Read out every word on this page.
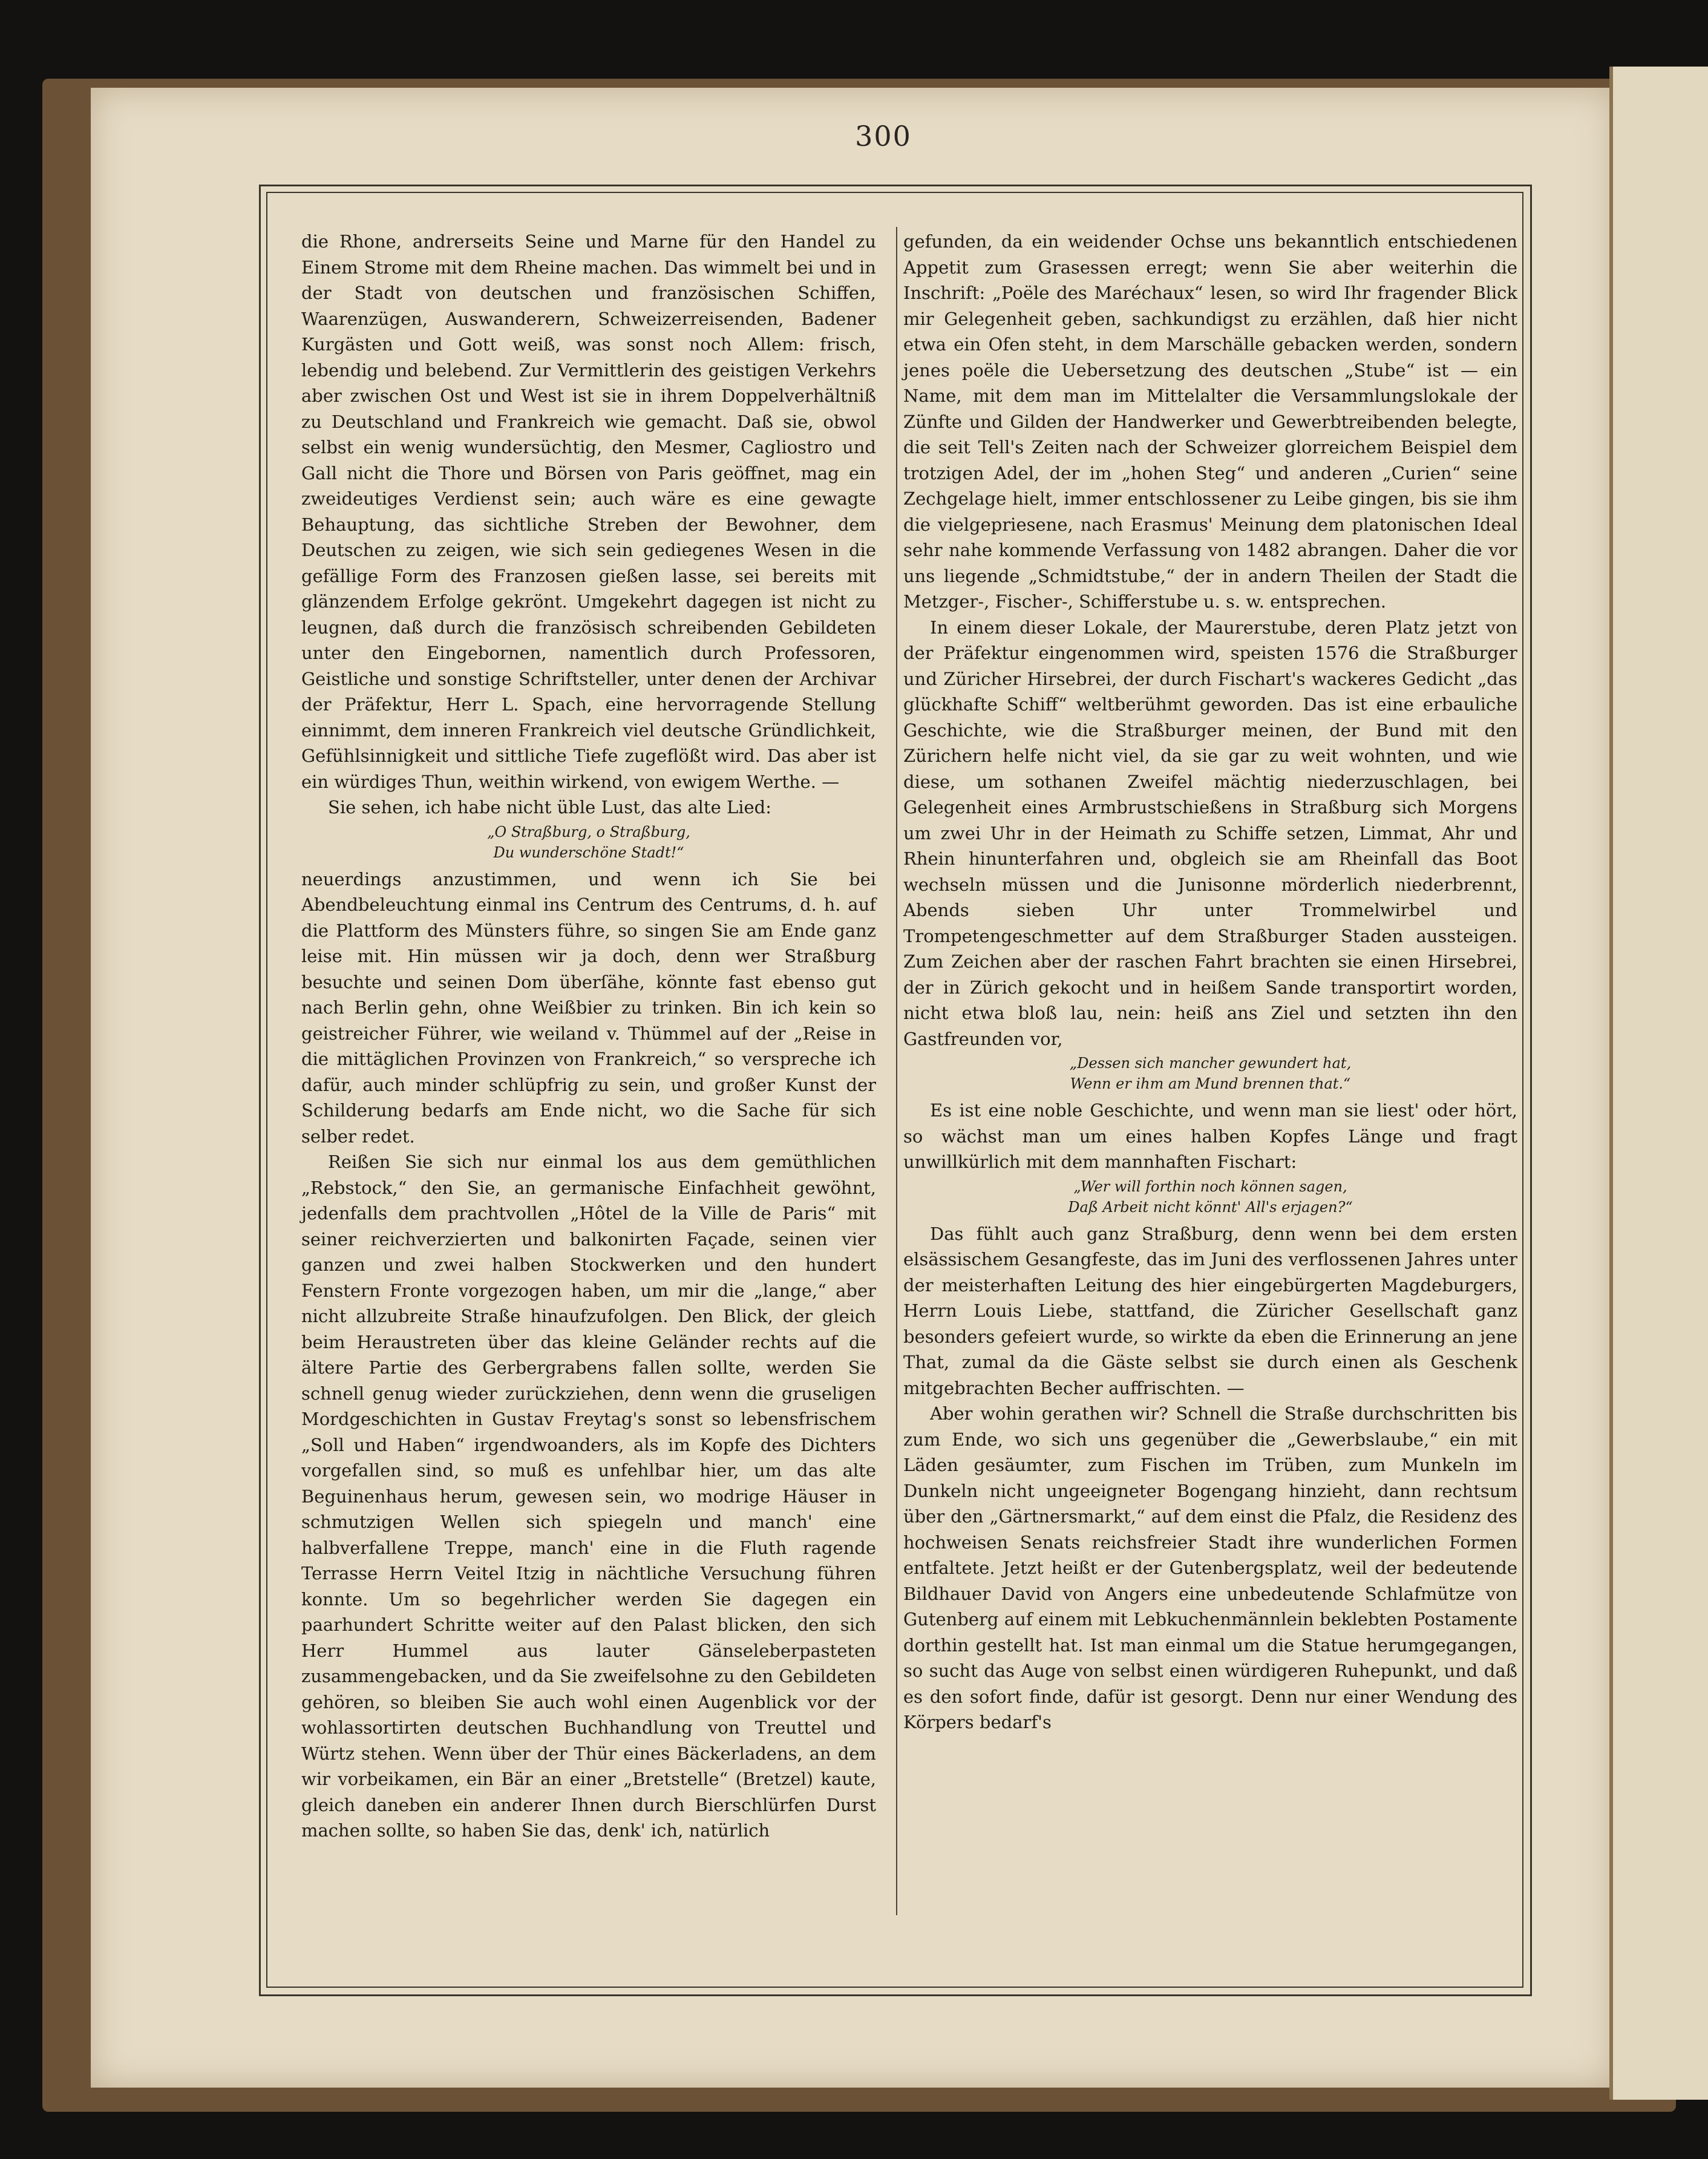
300

die Rhone, andrerseits Seine und Marne für den Handel zu Einem Strome mit dem Rheine machen. Das wimmelt bei und in der Stadt von deutschen und französischen Schiffen, Waarenzügen, Auswanderern, Schweizerreisenden, Badener Kurgästen und Gott weiß, was sonst noch Allem: frisch, lebendig und belebend. Zur Vermittlerin des geistigen Verkehrs aber zwischen Ost und West ist sie in ihrem Doppelverhältniß zu Deutschland und Frankreich wie gemacht. Daß sie, obwol selbst ein wenig wundersüchtig, den Mesmer, Cagliostro und Gall nicht die Thore und Börsen von Paris geöffnet, mag ein zweideutiges Verdienst sein; auch wäre es eine gewagte Behauptung, das sichtliche Streben der Bewohner, dem Deutschen zu zeigen, wie sich sein gediegenes Wesen in die gefällige Form des Franzosen gießen lasse, sei bereits mit glänzendem Erfolge gekrönt. Umgekehrt dagegen ist nicht zu leugnen, daß durch die französisch schreibenden Gebildeten unter den Eingebornen, namentlich durch Professoren, Geistliche und sonstige Schriftsteller, unter denen der Archivar der Präfektur, Herr L. Spach, eine hervorragende Stellung einnimmt, dem inneren Frankreich viel deutsche Gründlichkeit, Gefühlsinnigkeit und sittliche Tiefe zugeflößt wird. Das aber ist ein würdiges Thun, weithin wirkend, von ewigem Werthe. —

Sie sehen, ich habe nicht üble Lust, das alte Lied:

„O Straßburg, o Straßburg,
Du wunderschöne Stadt!“

neuerdings anzustimmen, und wenn ich Sie bei Abendbeleuchtung einmal ins Centrum des Centrums, d. h. auf die Plattform des Münsters führe, so singen Sie am Ende ganz leise mit. Hin müssen wir ja doch, denn wer Straßburg besuchte und seinen Dom überſähe, könnte fast ebenso gut nach Berlin gehn, ohne Weißbier zu trinken. Bin ich kein so geistreicher Führer, wie weiland v. Thümmel auf der „Reise in die mittäglichen Provinzen von Frankreich,“ so verspreche ich dafür, auch minder schlüpfrig zu sein, und großer Kunst der Schilderung bedarfs am Ende nicht, wo die Sache für sich selber redet.

Reißen Sie sich nur einmal los aus dem gemüthlichen „Rebstock,“ den Sie, an germanische Einfachheit gewöhnt, jedenfalls dem prachtvollen „Hôtel de la Ville de Paris“ mit seiner reichverzierten und balkonirten Façade, seinen vier ganzen und zwei halben Stockwerken und den hundert Fenstern Fronte vorgezogen haben, um mir die „lange,“ aber nicht allzubreite Straße hinaufzufolgen. Den Blick, der gleich beim Heraustreten über das kleine Geländer rechts auf die ältere Partie des Gerbergrabens fallen sollte, werden Sie schnell genug wieder zurückziehen, denn wenn die gruseligen Mordgeschichten in Gustav Freytag's sonst so lebensfrischem „Soll und Haben“ irgendwoanders, als im Kopfe des Dichters vorgefallen sind, so muß es unfehlbar hier, um das alte Beguinenhaus herum, gewesen sein, wo modrige Häuser in schmutzigen Wellen sich spiegeln und manch' eine halbverfallene Treppe, manch' eine in die Fluth ragende Terrasse Herrn Veitel Itzig in nächtliche Versuchung führen konnte. Um so begehrlicher werden Sie dagegen ein paarhundert Schritte weiter auf den Palast blicken, den sich Herr Hummel aus lauter Gänseleberpasteten zusammengebacken, und da Sie zweifelsohne zu den Gebildeten gehören, so bleiben Sie auch wohl einen Augenblick vor der wohlassortirten deutschen Buchhandlung von Treuttel und Würtz stehen. Wenn über der Thür eines Bäckerladens, an dem wir vorbeikamen, ein Bär an einer „Bretstelle“ (Bretzel) kaute, gleich daneben ein anderer Ihnen durch Bierschlürfen Durst machen sollte, so haben Sie das, denk' ich, natürlich

gefunden, da ein weidender Ochse uns bekanntlich entschiedenen Appetit zum Grasessen erregt; wenn Sie aber weiterhin die Inschrift: „Poële des Maréchaux“ lesen, so wird Ihr fragender Blick mir Gelegenheit geben, sachkundigst zu erzählen, daß hier nicht etwa ein Ofen steht, in dem Marschälle gebacken werden, sondern jenes poële die Uebersetzung des deutschen „Stube“ ist — ein Name, mit dem man im Mittelalter die Versammlungslokale der Zünfte und Gilden der Handwerker und Gewerbtreibenden belegte, die seit Tell's Zeiten nach der Schweizer glorreichem Beispiel dem trotzigen Adel, der im „hohen Steg“ und anderen „Curien“ seine Zechgelage hielt, immer entschlossener zu Leibe gingen, bis sie ihm die vielgepriesene, nach Erasmus' Meinung dem platonischen Ideal sehr nahe kommende Verfassung von 1482 abrangen. Daher die vor uns liegende „Schmidtstube,“ der in andern Theilen der Stadt die Metzger-, Fischer-, Schifferstube u. s. w. entsprechen.

In einem dieser Lokale, der Maurerstube, deren Platz jetzt von der Präfektur eingenommen wird, speisten 1576 die Straßburger und Züricher Hirsebrei, der durch Fischart's wackeres Gedicht „das glückhafte Schiff“ weltberühmt geworden. Das ist eine erbauliche Geschichte, wie die Straßburger meinen, der Bund mit den Zürichern helfe nicht viel, da sie gar zu weit wohnten, und wie diese, um sothanen Zweifel mächtig niederzuschlagen, bei Gelegenheit eines Armbrustschießens in Straßburg sich Morgens um zwei Uhr in der Heimath zu Schiffe setzen, Limmat, Ahr und Rhein hinunterfahren und, obgleich sie am Rheinfall das Boot wechseln müssen und die Junisonne mörderlich niederbrennt, Abends sieben Uhr unter Trommelwirbel und Trompetengeschmetter auf dem Straßburger Staden aussteigen. Zum Zeichen aber der raschen Fahrt brachten sie einen Hirsebrei, der in Zürich gekocht und in heißem Sande transportirt worden, nicht etwa bloß lau, nein: heiß ans Ziel und setzten ihn den Gastfreunden vor,

„Dessen sich mancher gewundert hat,
Wenn er ihm am Mund brennen that.“

Es ist eine noble Geschichte, und wenn man sie liest' oder hört, so wächst man um eines halben Kopfes Länge und fragt unwillkürlich mit dem mannhaften Fischart:

„Wer will forthin noch können sagen,
Daß Arbeit nicht könnt' All's erjagen?“

Das fühlt auch ganz Straßburg, denn wenn bei dem ersten elsässischem Gesangfeste, das im Juni des verflossenen Jahres unter der meisterhaften Leitung des hier eingebürgerten Magdeburgers, Herrn Louis Liebe, stattfand, die Züricher Gesellschaft ganz besonders gefeiert wurde, so wirkte da eben die Erinnerung an jene That, zumal da die Gäste selbst sie durch einen als Geschenk mitgebrachten Becher auffrischten. —

Aber wohin gerathen wir? Schnell die Straße durchschritten bis zum Ende, wo sich uns gegenüber die „Gewerbslaube,“ ein mit Läden gesäumter, zum Fischen im Trüben, zum Munkeln im Dunkeln nicht ungeeigneter Bogengang hinzieht, dann rechtsum über den „Gärtnersmarkt,“ auf dem einst die Pfalz, die Residenz des hochweisen Senats reichsfreier Stadt ihre wunderlichen Formen entfaltete. Jetzt heißt er der Gutenbergsplatz, weil der bedeutende Bildhauer David von Angers eine unbedeutende Schlafmütze von Gutenberg auf einem mit Lebkuchenmännlein beklebten Postamente dorthin gestellt hat. Ist man einmal um die Statue herumgegangen, so sucht das Auge von selbst einen würdigeren Ruhepunkt, und daß es den sofort finde, dafür ist gesorgt. Denn nur einer Wendung des Körpers bedarf's
